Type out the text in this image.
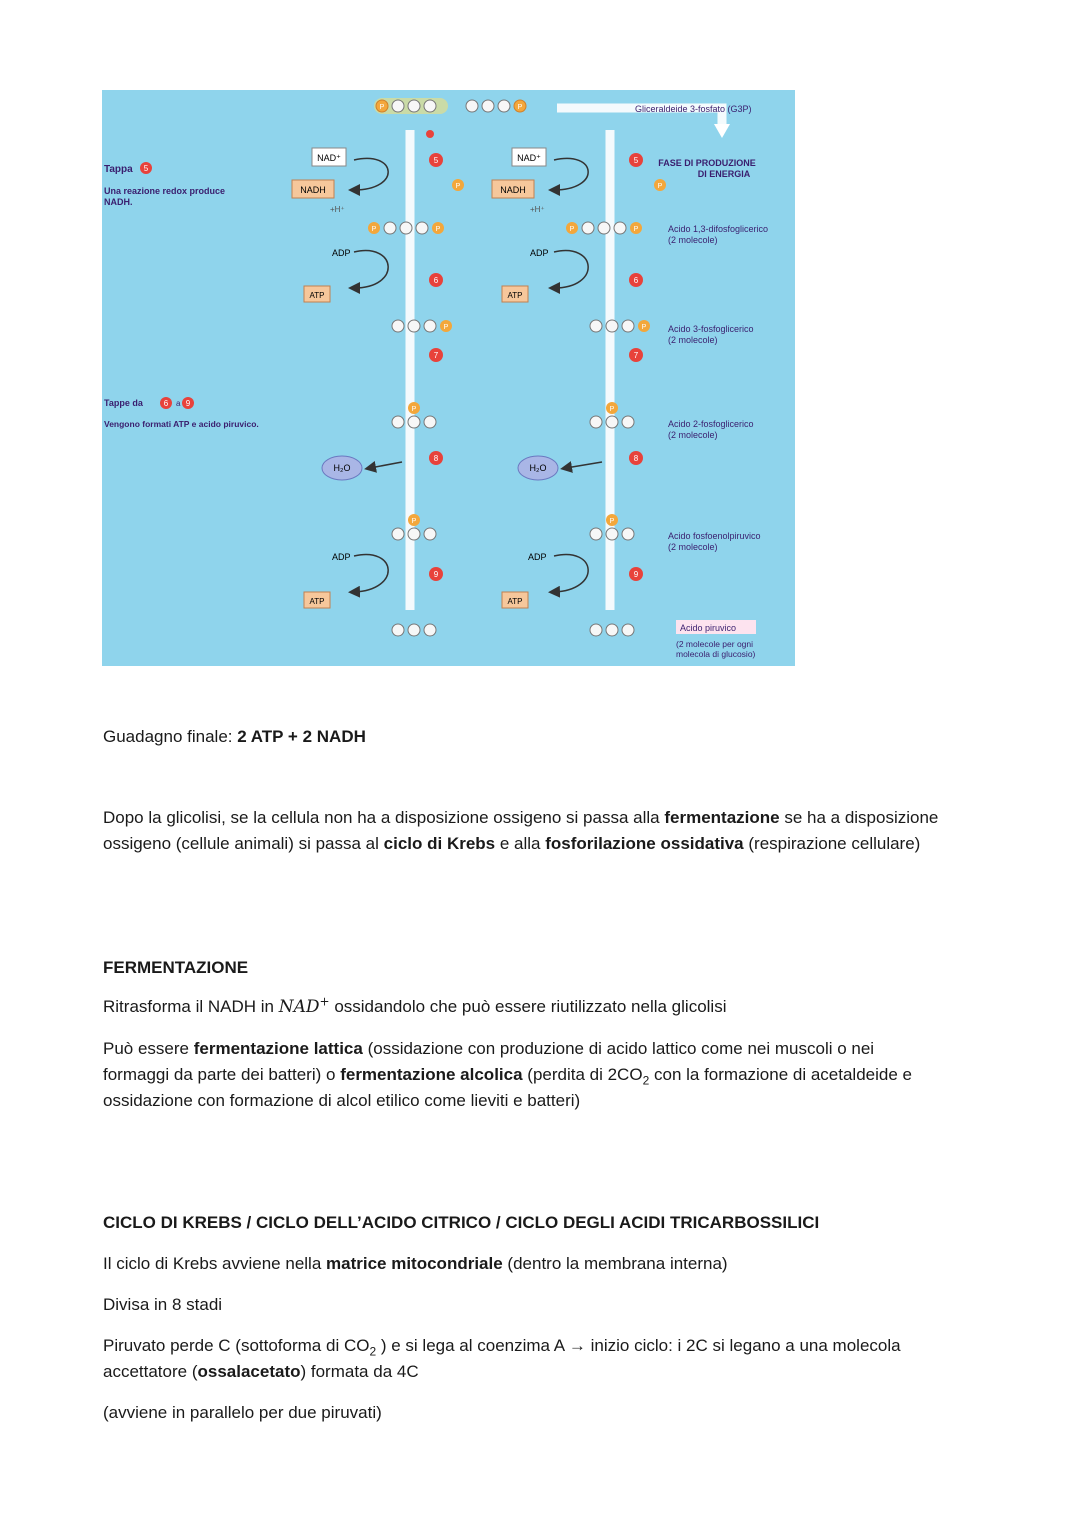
Tappa 5
Una reazione redox produce NADH.
Tappe da	6 a 9
Vengono formati ATP e acido piruvico.
FASE DI PRODUZIONE DI ENERGIA
P	P
NAD⁺
NADH
+H⁺
5
P
NAD⁺
NADH
+H⁺
5
P
P	P	P	P
ADP
ATP
6
ADP
ATP
6
P	P
7	7
P	P
H₂O
8
H₂O
8
P	P
ADP
ATP
9
ADP
ATP
9
Gliceraldeide 3-fosfato (G3P)
Acido 1,3-difosfoglicerico
(2 molecole)
Acido 3-fosfoglicerico
(2 molecole)
Acido 2-fosfoglicerico
(2 molecole)
Acido fosfoenolpiruvico
(2 molecole)
Acido piruvico
(2 molecole per ogni molecola di glucosio)
Guadagno finale: 2 ATP + 2 NADH
Dopo la glicolisi, se la cellula non ha a disposizione ossigeno si passa alla fermentazione se ha a disposizione
ossigeno (cellule animali) si passa al ciclo di Krebs e alla fosforilazione ossidativa (respirazione cellulare)
FERMENTAZIONE
Ritrasforma il NADH in NAD+ ossidandolo che può essere riutilizzato nella glicolisi
Può essere fermentazione lattica (ossidazione con produzione di acido lattico come nei muscoli o nei
formaggi da parte dei batteri) o fermentazione alcolica (perdita di $2CO_2$ con la formazione di acetaldeide e
ossidazione con formazione di alcol etilico come lieviti e batteri)
CICLO DI KREBS / CICLO DELL’ACIDO CITRICO / CICLO DEGLI ACIDI TRICARBOSSILICI
Il ciclo di Krebs avviene nella matrice mitocondriale (dentro la membrana interna)
Divisa in 8 stadi
Piruvato perde C (sottoforma di $CO_2$ ) e si lega al coenzima A → inizio ciclo: i 2C si legano a una molecola
accettatore (ossalacetato) formata da 4C
(avviene in parallelo per due piruvati)
